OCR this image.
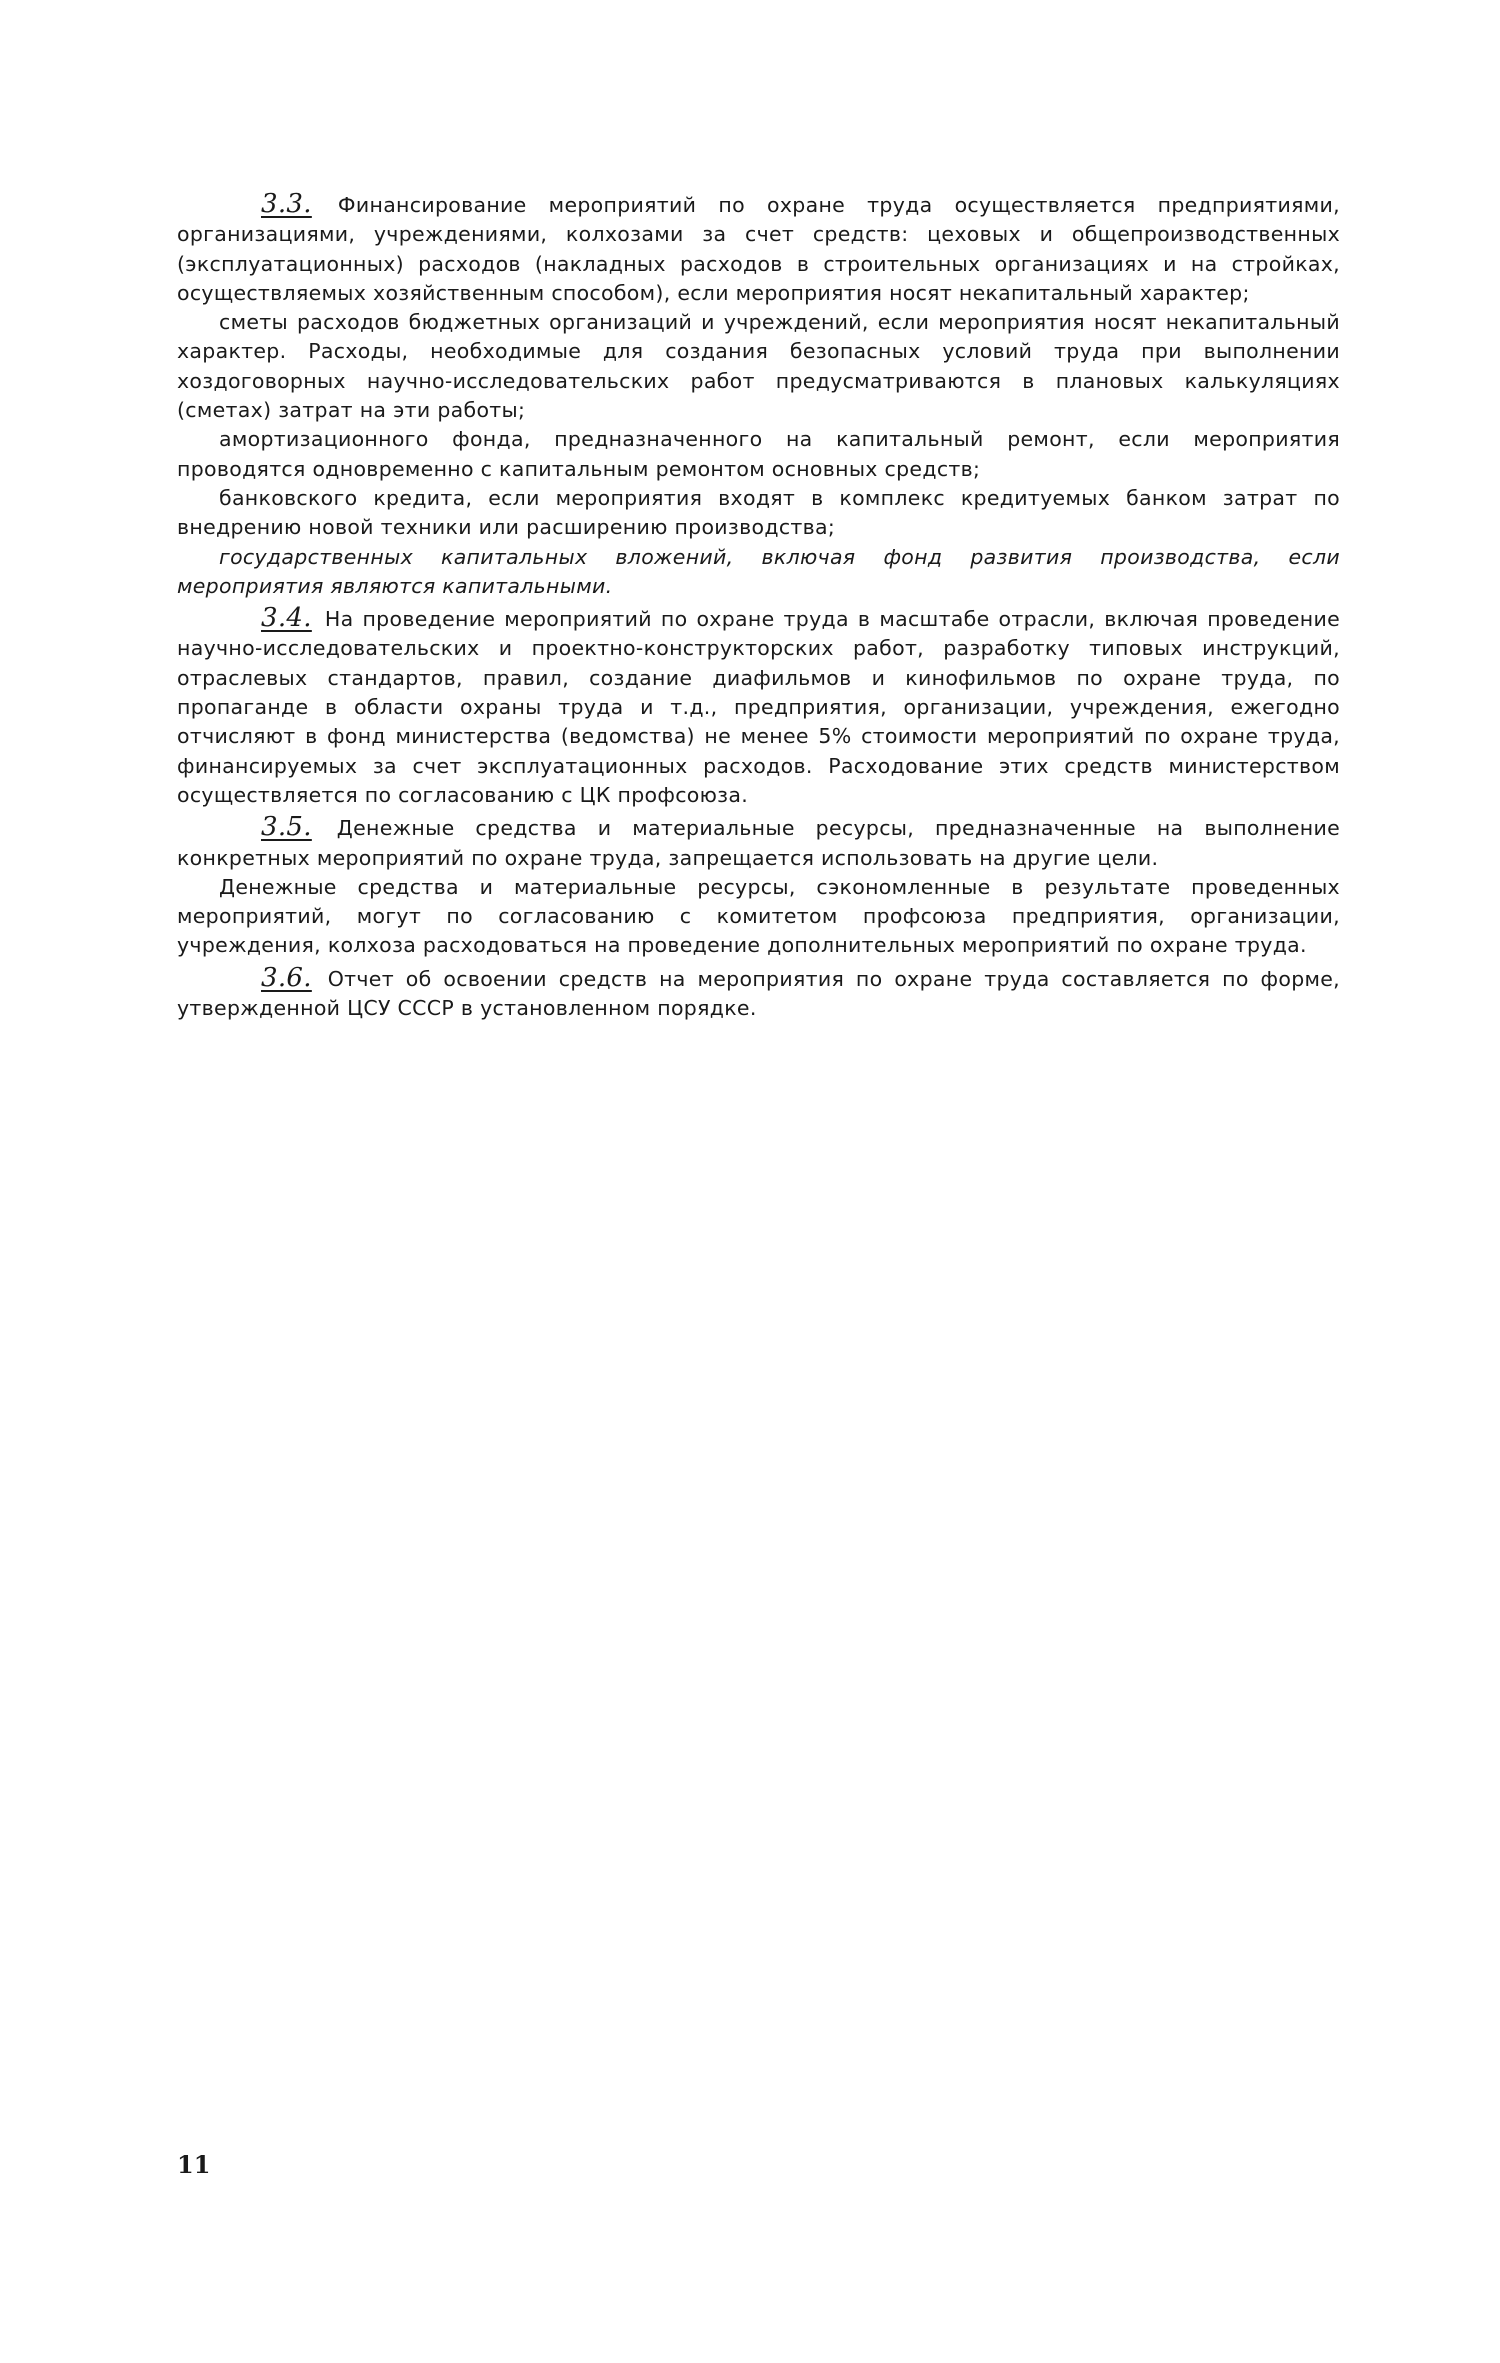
3.3. Финансирование мероприятий по охране труда осуществляется предприятиями, организациями, учреждениями, колхозами за счет средств: цеховых и общепроизводственных (эксплуатационных) расходов (накладных расходов в строительных организациях и на стройках, осуществляемых хозяйственным способом), если мероприятия носят некапитальный характер;

сметы расходов бюджетных организаций и учреждений, если мероприятия носят некапитальный характер. Расходы, необходимые для создания безопасных условий труда при выполнении хоздоговорных научно-исследовательских работ предусматриваются в плановых калькуляциях (сметах) затрат на эти работы;

амортизационного фонда, предназначенного на капитальный ремонт, если мероприятия проводятся одновременно с капитальным ремонтом основных средств;

банковского кредита, если мероприятия входят в комплекс кредитуемых банком затрат по внедрению новой техники или расширению производства;

государственных капитальных вложений, включая фонд развития производства, если мероприятия являются капитальными.

3.4. На проведение мероприятий по охране труда в масштабе отрасли, включая проведение научно-исследовательских и проектно-конструкторских работ, разработку типовых инструкций, отраслевых стандартов, правил, создание диафильмов и кинофильмов по охране труда, по пропаганде в области охраны труда и т.д., предприятия, организации, учреждения, ежегодно отчисляют в фонд министерства (ведомства) не менее 5% стоимости мероприятий по охране труда, финансируемых за счет эксплуатационных расходов. Расходование этих средств министерством осуществляется по согласованию с ЦК профсоюза.

3.5. Денежные средства и материальные ресурсы, предназначенные на выполнение конкретных мероприятий по охране труда, запрещается использовать на другие цели.

Денежные средства и материальные ресурсы, сэкономленные в результате проведенных мероприятий, могут по согласованию с комитетом профсоюза предприятия, организации, учреждения, колхоза расходоваться на проведение дополнительных мероприятий по охране труда.

3.6. Отчет об освоении средств на мероприятия по охране труда составляется по форме, утвержденной ЦСУ СССР в установленном порядке.

11
